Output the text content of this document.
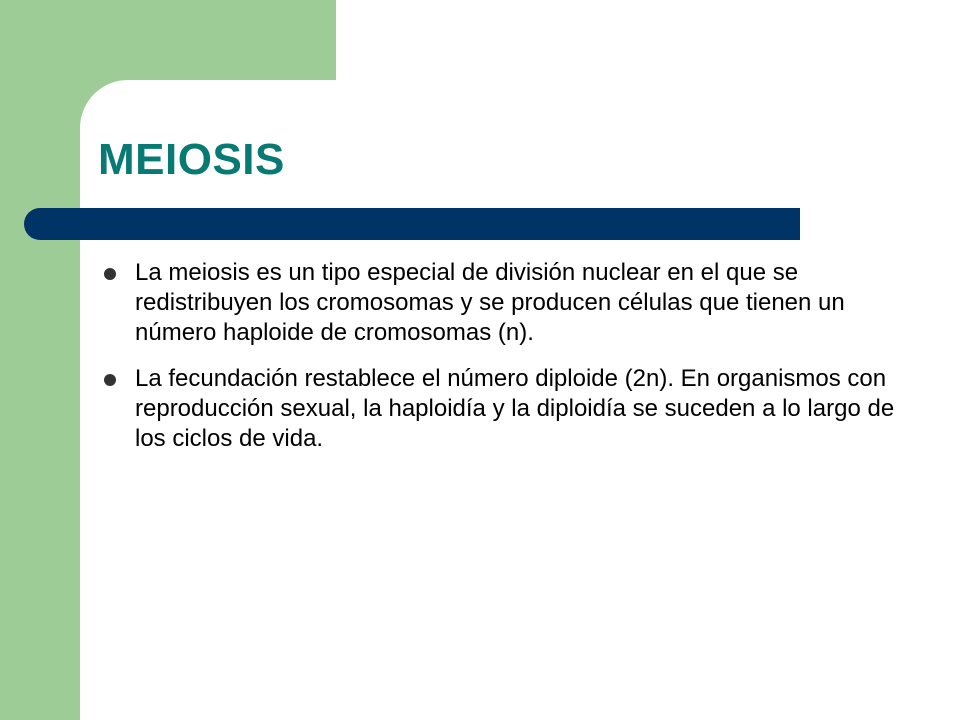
MEIOSIS
La meiosis es un tipo especial de división nuclear en el que se redistribuyen los cromosomas y se producen células que tienen un número haploide de cromosomas (n).
La fecundación restablece el número diploide (2n). En organismos con reproducción sexual, la haploidía y la diploidía se suceden a lo largo de los ciclos de vida.
